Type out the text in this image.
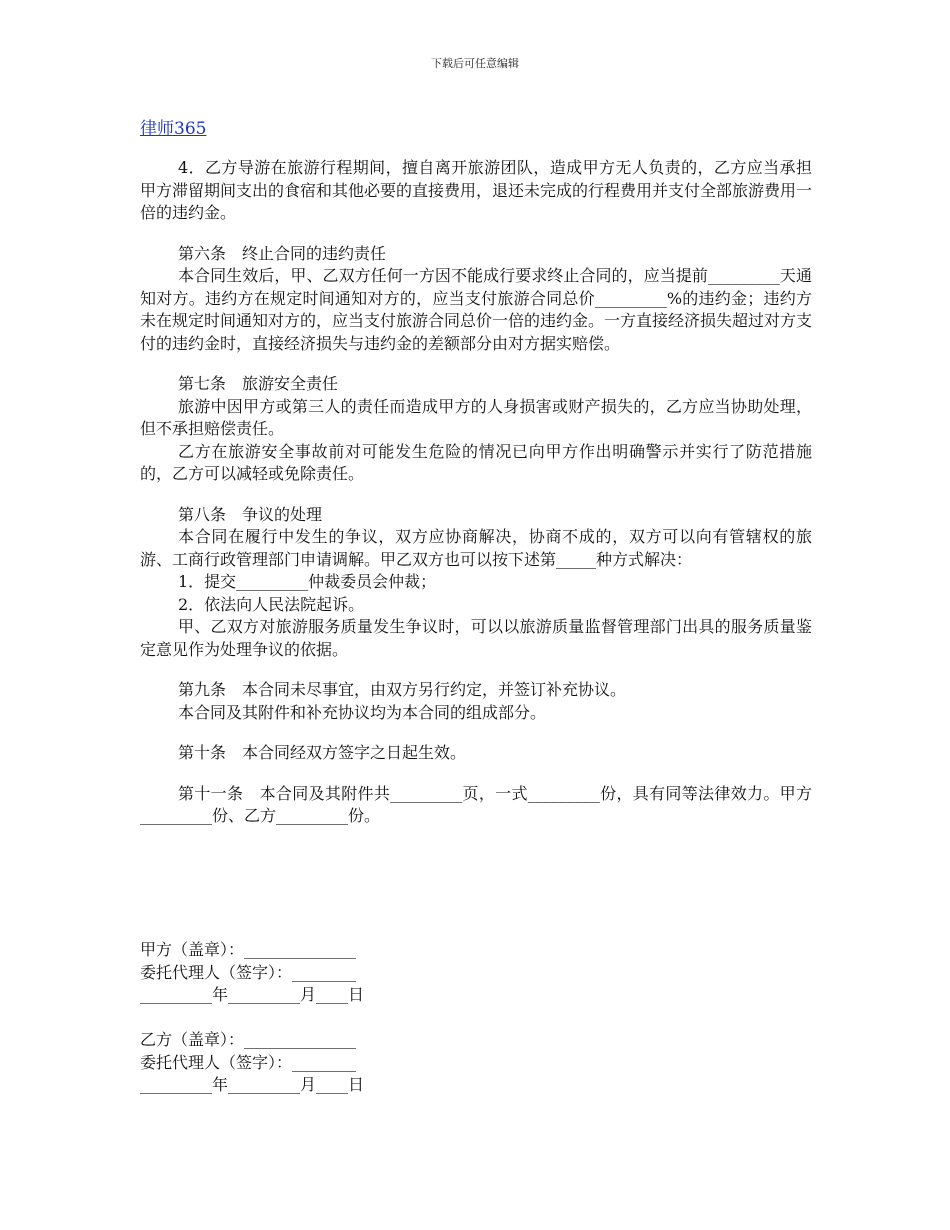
下载后可任意编辑
律师365

4．乙方导游在旅游行程期间，擅自离开旅游团队，造成甲方无人负责的，乙方应当承担甲方滞留期间支出的食宿和其他必要的直接费用，退还未完成的行程费用并支付全部旅游费用一倍的违约金。

第六条　终止合同的违约责任

本合同生效后，甲、乙双方任何一方因不能成行要求终止合同的，应当提前_________天通知对方。违约方在规定时间通知对方的，应当支付旅游合同总价_________%的违约金；违约方未在规定时间通知对方的，应当支付旅游合同总价一倍的违约金。一方直接经济损失超过对方支付的违约金时，直接经济损失与违约金的差额部分由对方据实赔偿。

第七条　旅游安全责任

旅游中因甲方或第三人的责任而造成甲方的人身损害或财产损失的，乙方应当协助处理，但不承担赔偿责任。

乙方在旅游安全事故前对可能发生危险的情况已向甲方作出明确警示并实行了防范措施的，乙方可以减轻或免除责任。

第八条　争议的处理

本合同在履行中发生的争议，双方应协商解决，协商不成的，双方可以向有管辖权的旅游、工商行政管理部门申请调解。甲乙双方也可以按下述第_____种方式解决：

1．提交_________仲裁委员会仲裁；

2．依法向人民法院起诉。

甲、乙双方对旅游服务质量发生争议时，可以以旅游质量监督管理部门出具的服务质量鉴定意见作为处理争议的依据。

第九条　本合同未尽事宜，由双方另行约定，并签订补充协议。

本合同及其附件和补充协议均为本合同的组成部分。

第十条　本合同经双方签字之日起生效。

第十一条　本合同及其附件共_________页，一式_________份，具有同等法律效力。甲方_________份、乙方_________份。

甲方（盖章）：______________
委托代理人（签字）：________
_________年_________月____日
乙方（盖章）：______________
委托代理人（签字）：________
_________年_________月____日
